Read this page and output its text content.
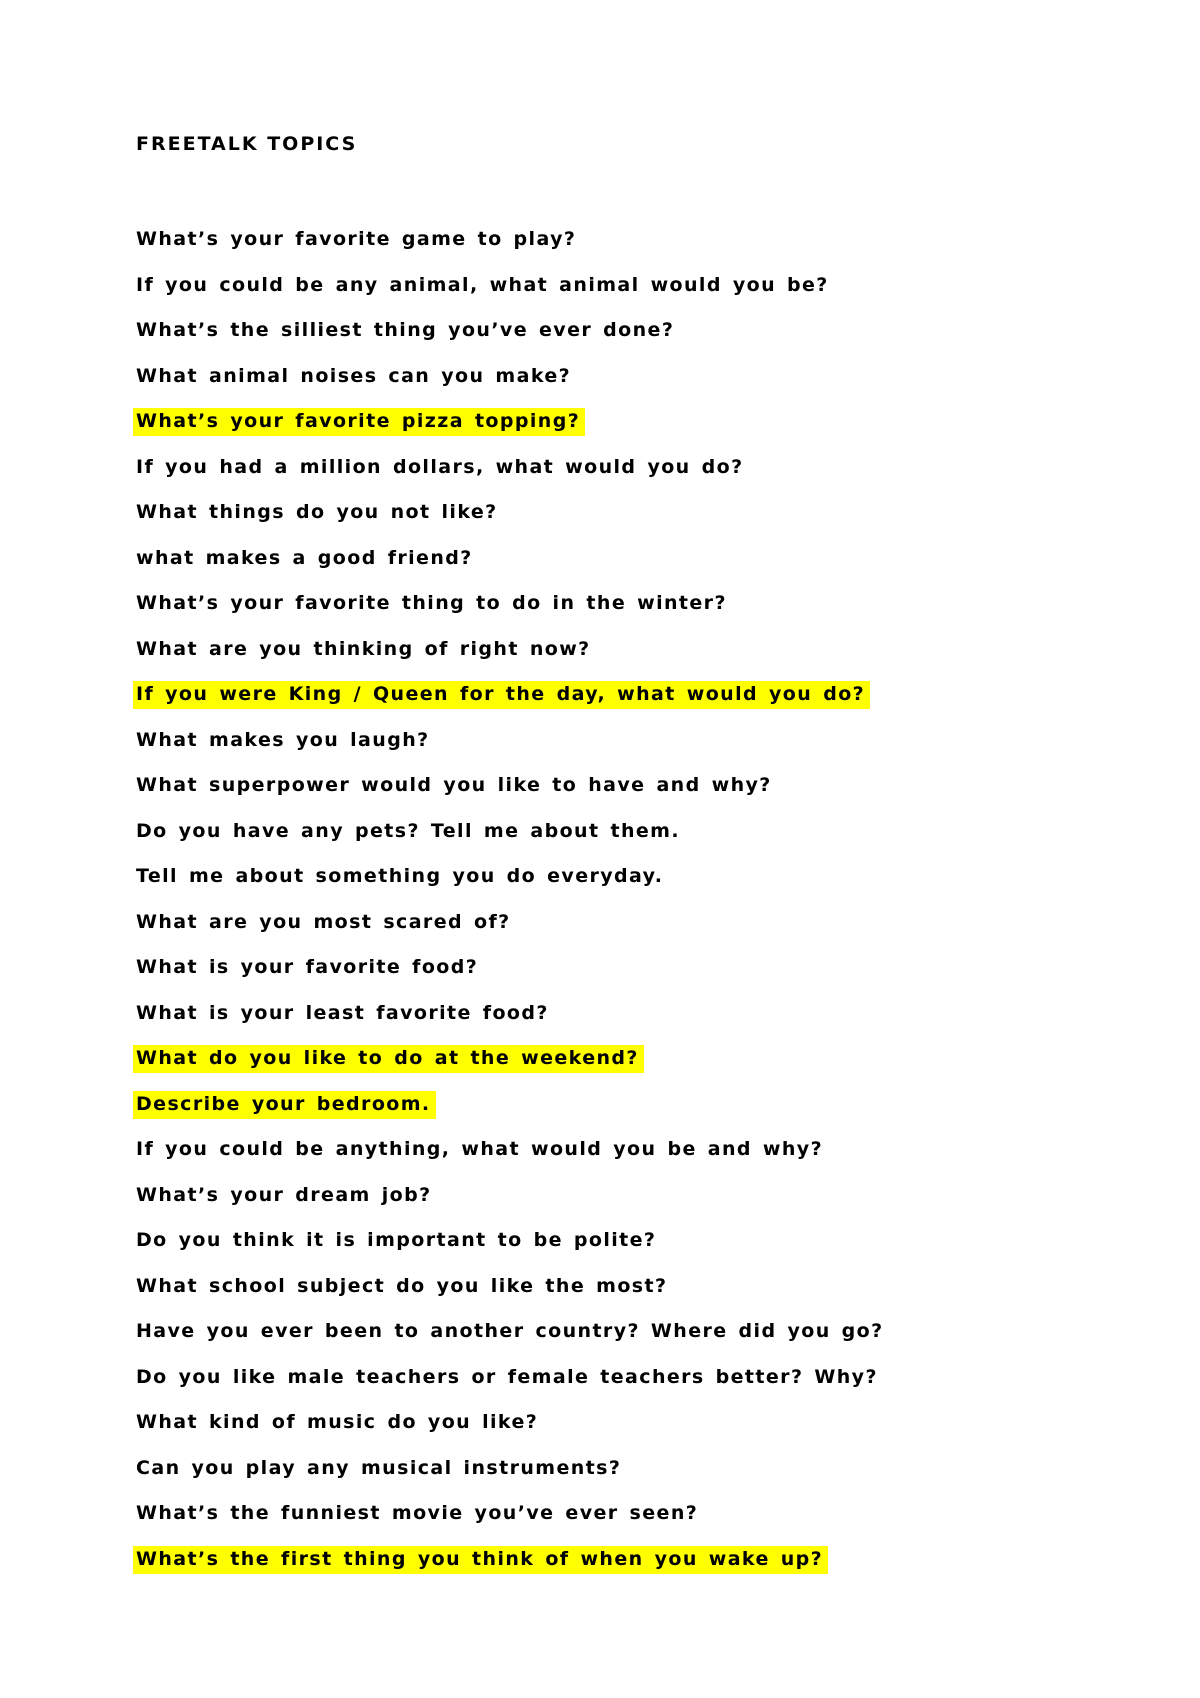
FREETALK TOPICS
What’s your favorite game to play?
If you could be any animal, what animal would you be?
What’s the silliest thing you’ve ever done?
What animal noises can you make?
What’s your favorite pizza topping?
If you had a million dollars, what would you do?
What things do you not like?
what makes a good friend?
What’s your favorite thing to do in the winter?
What are you thinking of right now?
If you were King / Queen for the day, what would you do?
What makes you laugh?
What superpower would you like to have and why?
Do you have any pets? Tell me about them.
Tell me about something you do everyday.
What are you most scared of?
What is your favorite food?
What is your least favorite food?
What do you like to do at the weekend?
Describe your bedroom.
If you could be anything, what would you be and why?
What’s your dream job?
Do you think it is important to be polite?
What school subject do you like the most?
Have you ever been to another country? Where did you go?
Do you like male teachers or female teachers better? Why?
What kind of music do you like?
Can you play any musical instruments?
What’s the funniest movie you’ve ever seen?
What’s the first thing you think of when you wake up?
